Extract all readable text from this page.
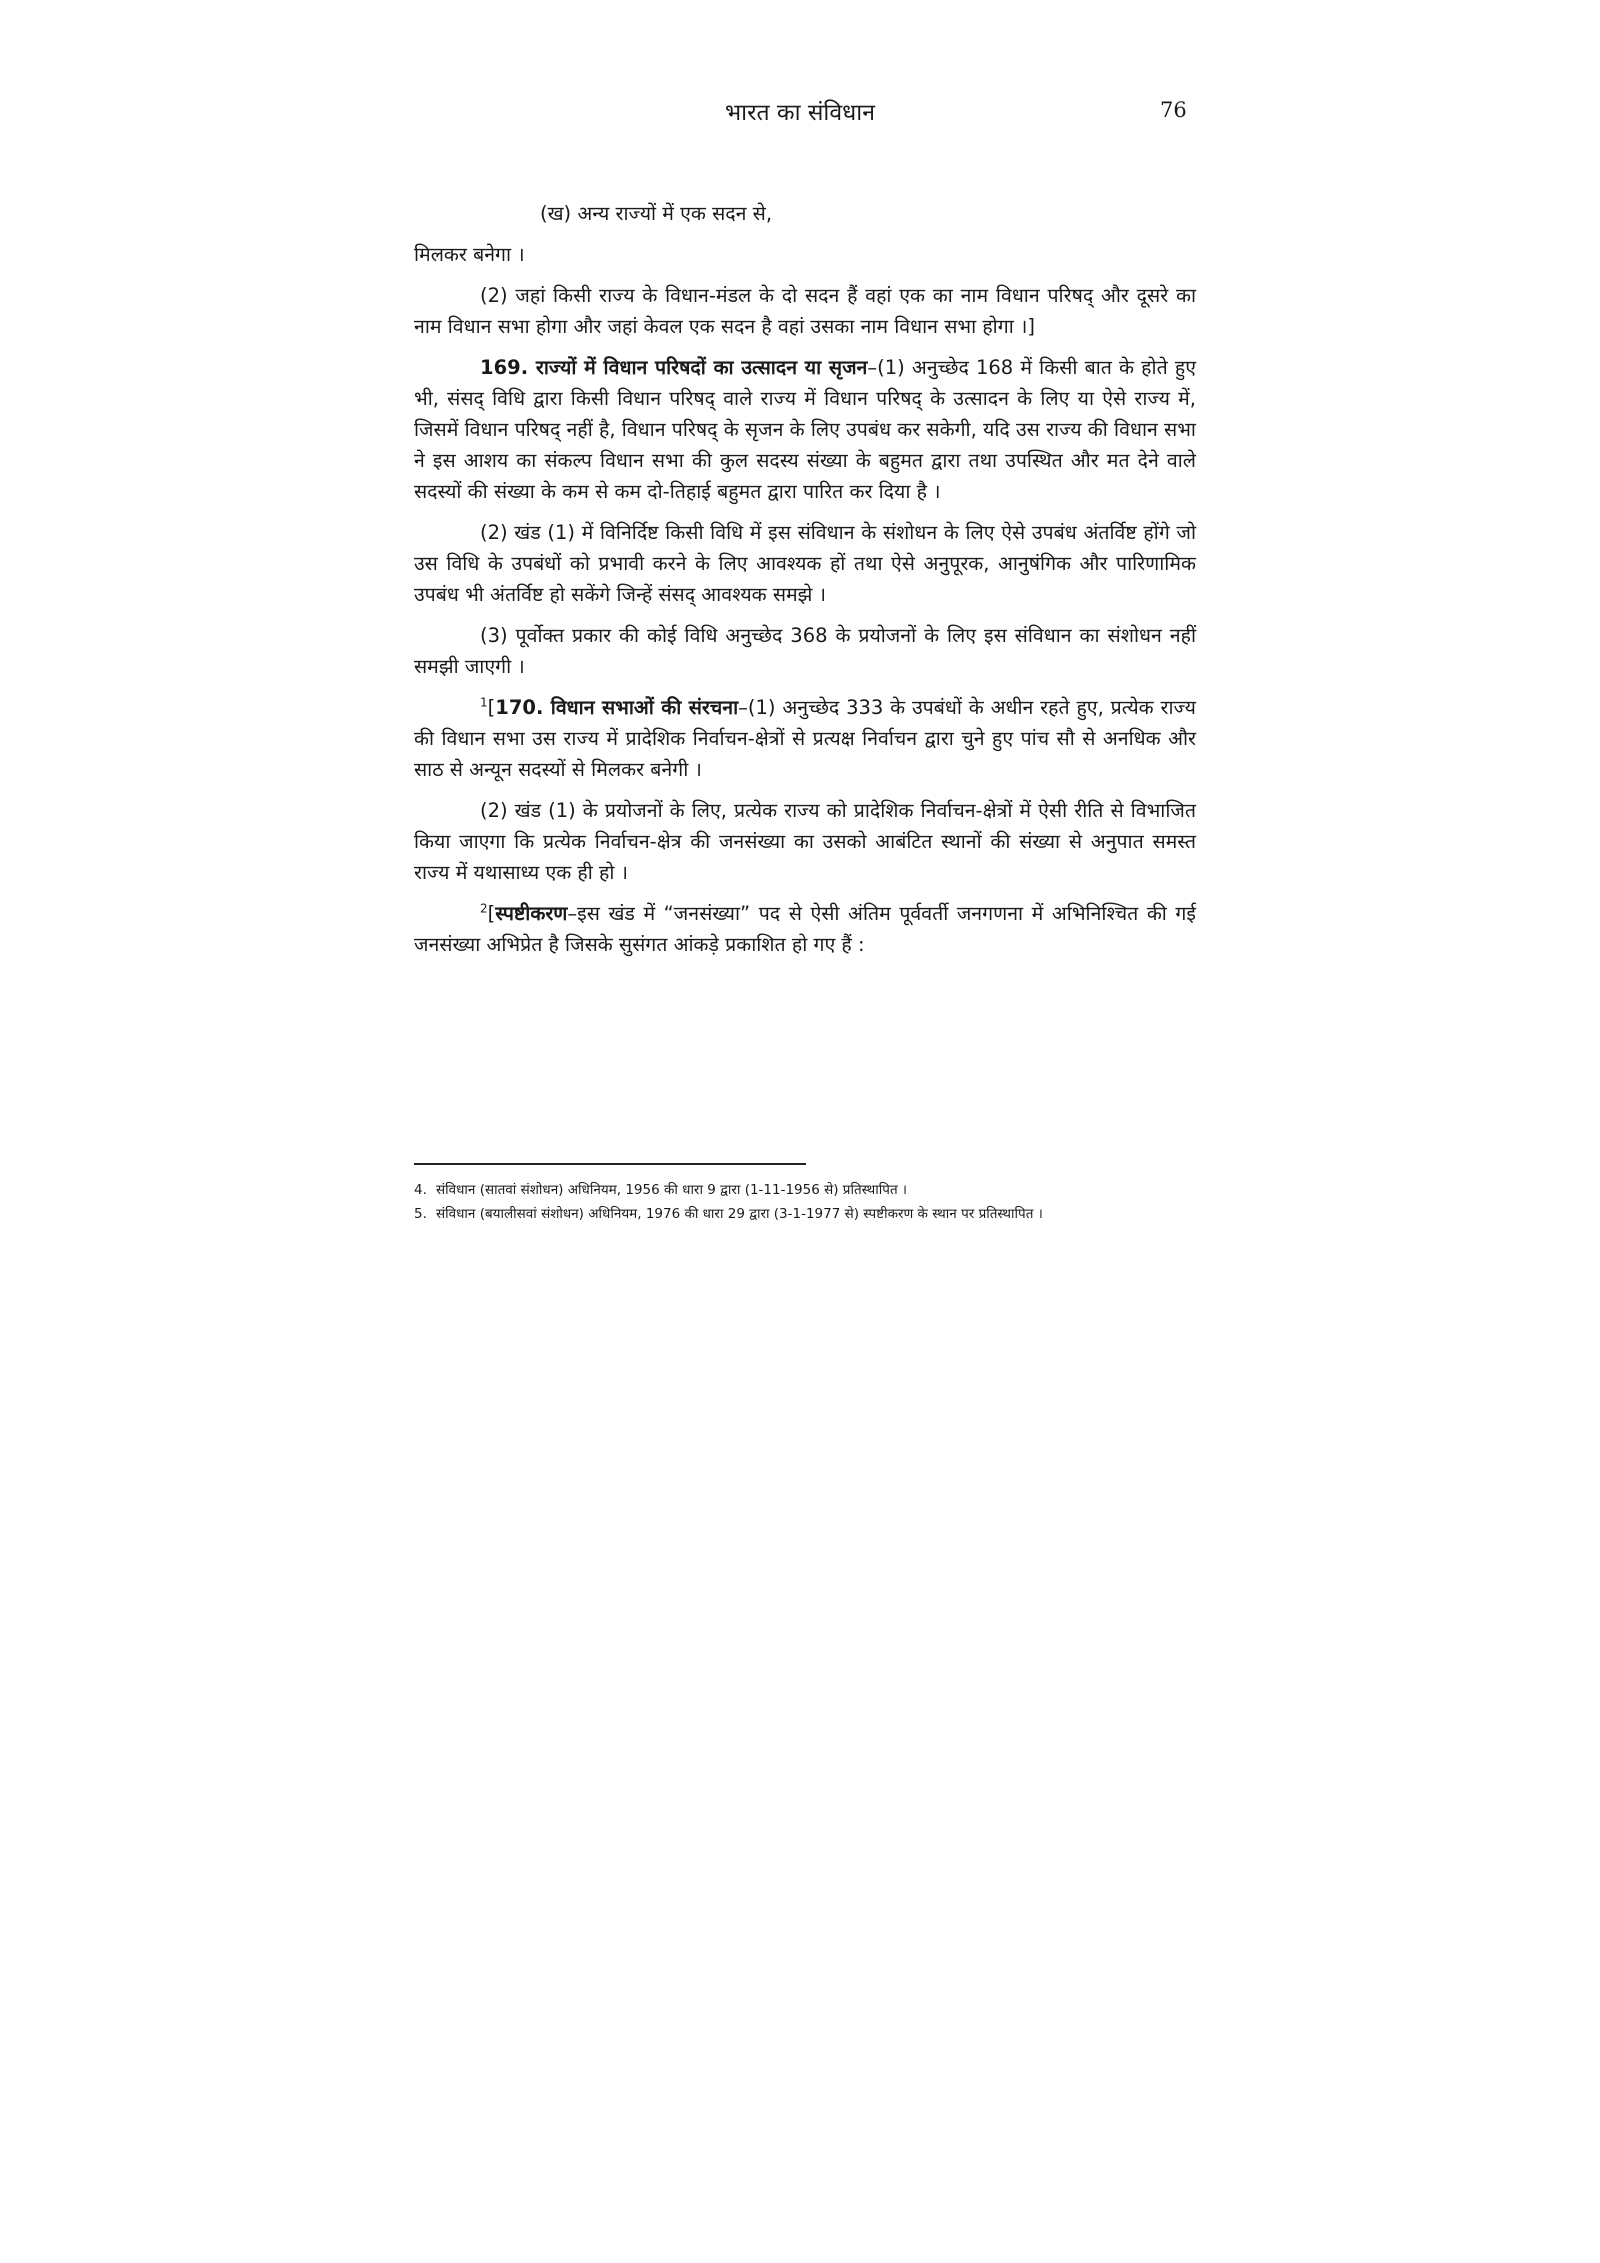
भारत का संविधान	76

(ख) अन्य राज्यों में एक सदन से,

मिलकर बनेगा ।

(2) जहां किसी राज्य के विधान-मंडल के दो सदन हैं वहां एक का नाम विधान परिषद् और दूसरे का नाम विधान सभा होगा और जहां केवल एक सदन है वहां उसका नाम विधान सभा होगा ।]

169. राज्यों में विधान परिषदों का उत्सादन या सृजन–(1) अनुच्छेद 168 में किसी बात के होते हुए भी, संसद् विधि द्वारा किसी विधान परिषद् वाले राज्य में विधान परिषद् के उत्सादन के लिए या ऐसे राज्य में, जिसमें विधान परिषद् नहीं है, विधान परिषद् के सृजन के लिए उपबंध कर सकेगी, यदि उस राज्य की विधान सभा ने इस आशय का संकल्प विधान सभा की कुल सदस्य संख्या के बहुमत द्वारा तथा उपस्थित और मत देने वाले सदस्यों की संख्या के कम से कम दो-तिहाई बहुमत द्वारा पारित कर दिया है ।

(2) खंड (1) में विनिर्दिष्ट किसी विधि में इस संविधान के संशोधन के लिए ऐसे उपबंध अंतर्विष्ट होंगे जो उस विधि के उपबंधों को प्रभावी करने के लिए आवश्यक हों तथा ऐसे अनुपूरक, आनुषंगिक और पारिणामिक उपबंध भी अंतर्विष्ट हो सकेंगे जिन्हें संसद् आवश्यक समझे ।

(3) पूर्वोक्त प्रकार की कोई विधि अनुच्छेद 368 के प्रयोजनों के लिए इस संविधान का संशोधन नहीं समझी जाएगी ।

$^1$[170. विधान सभाओं की संरचना–(1) अनुच्छेद 333 के उपबंधों के अधीन रहते हुए, प्रत्येक राज्य की विधान सभा उस राज्य में प्रादेशिक निर्वाचन-क्षेत्रों से प्रत्यक्ष निर्वाचन द्वारा चुने हुए पांच सौ से अनधिक और साठ से अन्यून सदस्यों से मिलकर बनेगी ।

(2) खंड (1) के प्रयोजनों के लिए, प्रत्येक राज्य को प्रादेशिक निर्वाचन-क्षेत्रों में ऐसी रीति से विभाजित किया जाएगा कि प्रत्येक निर्वाचन-क्षेत्र की जनसंख्या का उसको आबंटित स्थानों की संख्या से अनुपात समस्त राज्य में यथासाध्य एक ही हो ।

$^2$[स्पष्टीकरण–इस खंड में “जनसंख्या” पद से ऐसी अंतिम पूर्ववर्ती जनगणना में अभिनिश्चित की गई जनसंख्या अभिप्रेत है जिसके सुसंगत आंकड़े प्रकाशित हो गए हैं :

4. संविधान (सातवां संशोधन) अधिनियम, 1956 की धारा 9 द्वारा (1-11-1956 से) प्रतिस्थापित ।
5. संविधान (बयालीसवां संशोधन) अधिनियम, 1976 की धारा 29 द्वारा (3-1-1977 से) स्पष्टीकरण के स्थान पर प्रतिस्थापित ।
